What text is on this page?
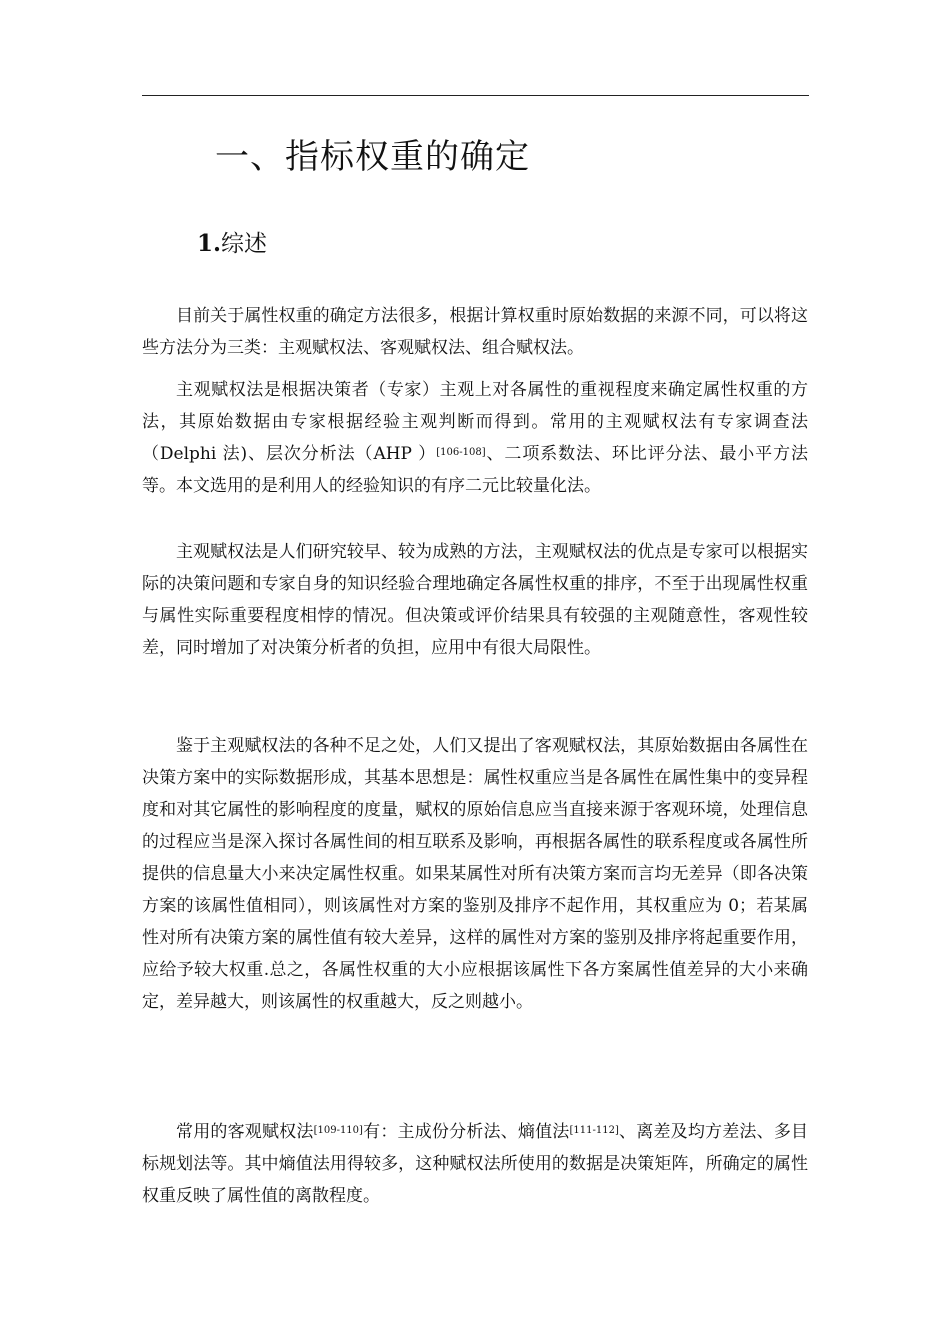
一、指标权重的确定
1.综述

目前关于属性权重的确定方法很多，根据计算权重时原始数据的来源不同，可以将这些方法分为三类：主观赋权法、客观赋权法、组合赋权法。

主观赋权法是根据决策者（专家）主观上对各属性的重视程度来确定属性权重的方法，其原始数据由专家根据经验主观判断而得到。常用的主观赋权法有专家调查法（Delphi 法)、层次分析法（AHP ）[106-108]、二项系数法、环比评分法、最小平方法等。本文选用的是利用人的经验知识的有序二元比较量化法。

主观赋权法是人们研究较早、较为成熟的方法，主观赋权法的优点是专家可以根据实际的决策问题和专家自身的知识经验合理地确定各属性权重的排序，不至于出现属性权重与属性实际重要程度相悖的情况。但决策或评价结果具有较强的主观随意性，客观性较差，同时增加了对决策分析者的负担，应用中有很大局限性。

鉴于主观赋权法的各种不足之处，人们又提出了客观赋权法，其原始数据由各属性在决策方案中的实际数据形成，其基本思想是：属性权重应当是各属性在属性集中的变异程度和对其它属性的影响程度的度量，赋权的原始信息应当直接来源于客观环境，处理信息的过程应当是深入探讨各属性间的相互联系及影响，再根据各属性的联系程度或各属性所提供的信息量大小来决定属性权重。如果某属性对所有决策方案而言均无差异（即各决策方案的该属性值相同），则该属性对方案的鉴别及排序不起作用，其权重应为 0；若某属性对所有决策方案的属性值有较大差异，这样的属性对方案的鉴别及排序将起重要作用，应给予较大权重.总之，各属性权重的大小应根据该属性下各方案属性值差异的大小来确定，差异越大，则该属性的权重越大，反之则越小。

常用的客观赋权法[109-110]有：主成份分析法、熵值法[111-112]、离差及均方差法、多目标规划法等。其中熵值法用得较多，这种赋权法所使用的数据是决策矩阵，所确定的属性权重反映了属性值的离散程度。
